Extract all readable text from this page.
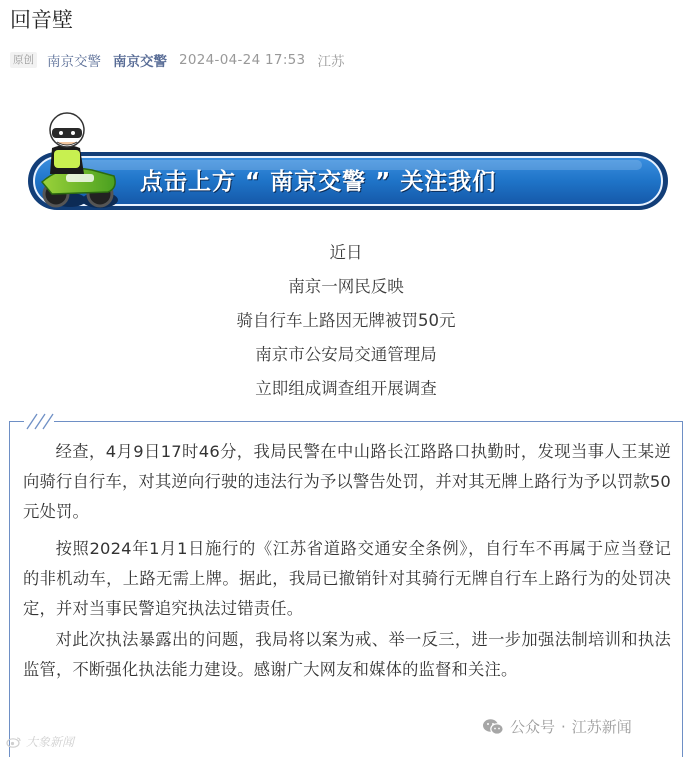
回音壁
原创 南京交警 南京交警 2024-04-24 17:53 江苏
点击上方 “ 南京交警 ” 关注我们
近日
南京一网民反映
骑自行车上路因无牌被罚50元
南京市公安局交通管理局
立即组成调查组开展调查
经查，4月9日17时46分，我局民警在中山路长江路路口执勤时，发现当事人王某逆向骑行自行车，对其逆向行驶的违法行为予以警告处罚，并对其无牌上路行为予以罚款50元处罚。
按照2024年1月1日施行的《江苏省道路交通安全条例》，自行车不再属于应当登记的非机动车，上路无需上牌。据此，我局已撤销针对其骑行无牌自行车上路行为的处罚决定，并对当事民警追究执法过错责任。
对此次执法暴露出的问题，我局将以案为戒、举一反三，进一步加强法制培训和执法监管，不断强化执法能力建设。感谢广大网友和媒体的监督和关注。
公众号 · 江苏新闻
大象新闻
